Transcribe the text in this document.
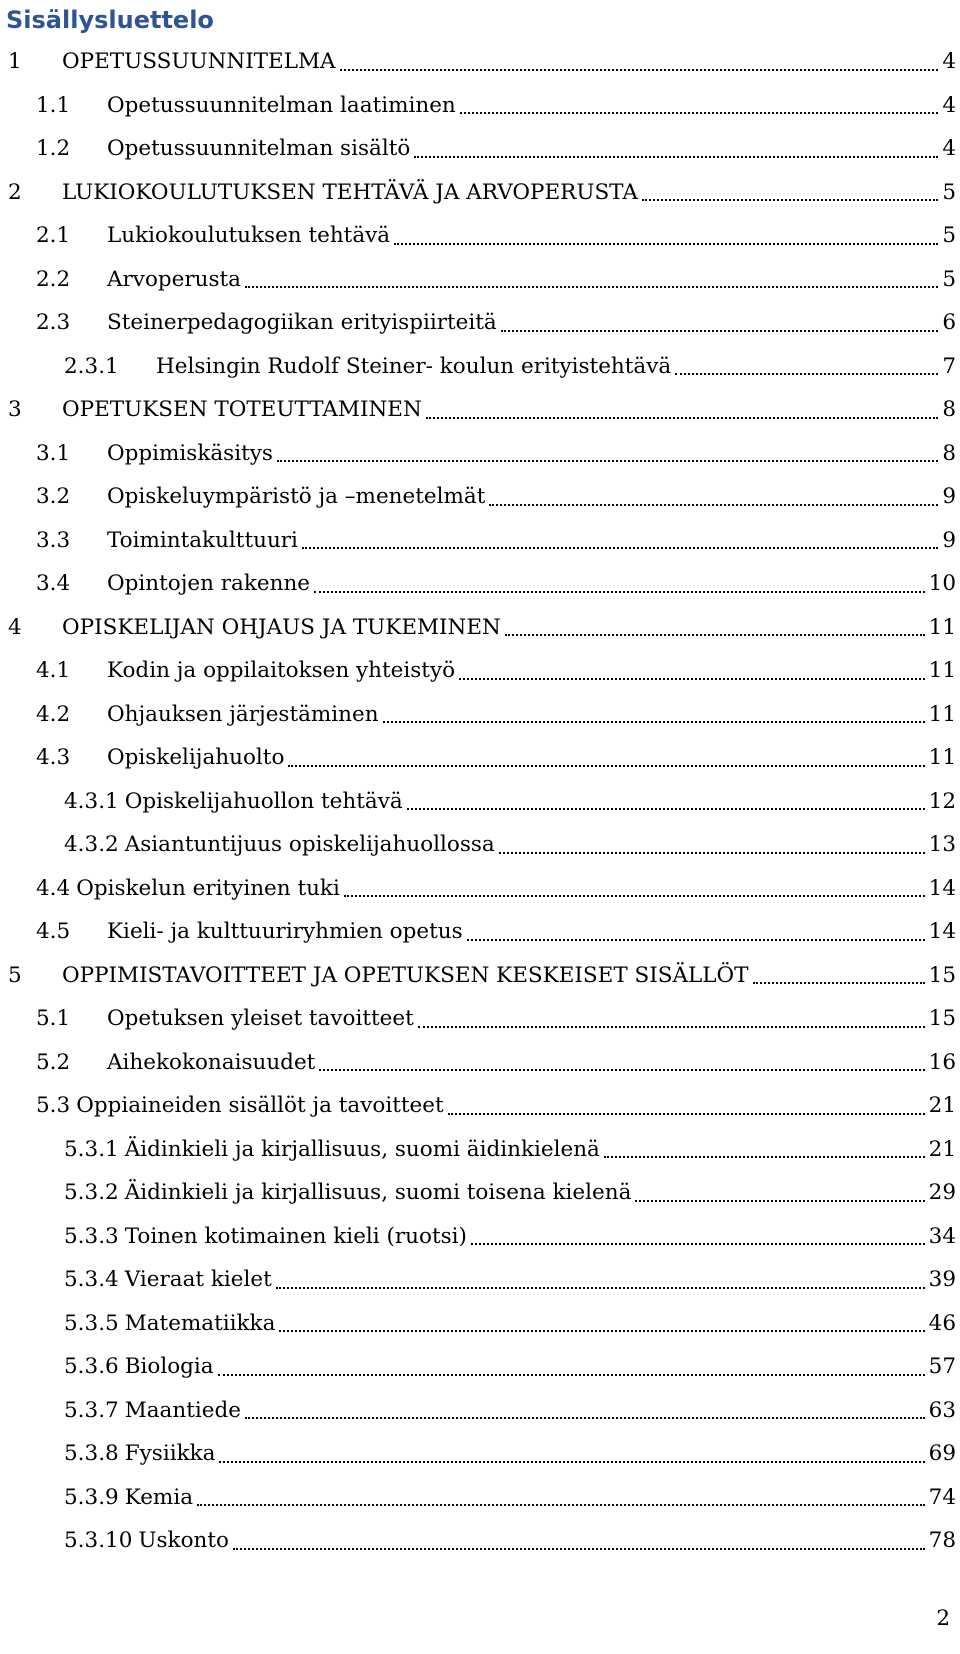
Sisällysluettelo
1	OPETUSSUUNNITELMA	4
1.1	Opetussuunnitelman laatiminen	4
1.2	Opetussuunnitelman sisältö	4
2	LUKIOKOULUTUKSEN TEHTÄVÄ JA ARVOPERUSTA	5
2.1	Lukiokoulutuksen tehtävä	5
2.2	Arvoperusta	5
2.3	Steinerpedagogiikan erityispiirteitä	6
2.3.1	Helsingin Rudolf Steiner- koulun erityistehtävä	7
3	OPETUKSEN TOTEUTTAMINEN	8
3.1	Oppimiskäsitys	8
3.2	Opiskeluympäristö ja –menetelmät	9
3.3	Toimintakulttuuri	9
3.4	Opintojen rakenne	10
4	OPISKELIJAN OHJAUS JA TUKEMINEN	11
4.1	Kodin ja oppilaitoksen yhteistyö	11
4.2	Ohjauksen järjestäminen	11
4.3	Opiskelijahuolto	11
4.3.1 Opiskelijahuollon tehtävä	12
4.3.2 Asiantuntijuus opiskelijahuollossa	13
4.4 Opiskelun erityinen tuki	14
4.5	Kieli- ja kulttuuriryhmien opetus	14
5	OPPIMISTAVOITTEET JA OPETUKSEN KESKEISET SISÄLLÖT	15
5.1	Opetuksen yleiset tavoitteet	15
5.2	Aihekokonaisuudet	16
5.3 Oppiaineiden sisällöt ja tavoitteet	21
5.3.1 Äidinkieli ja kirjallisuus, suomi äidinkielenä	21
5.3.2 Äidinkieli ja kirjallisuus, suomi toisena kielenä	29
5.3.3 Toinen kotimainen kieli (ruotsi)	34
5.3.4 Vieraat kielet	39
5.3.5 Matematiikka	46
5.3.6 Biologia	57
5.3.7 Maantiede	63
5.3.8 Fysiikka	69
5.3.9 Kemia	74
5.3.10 Uskonto	78

2
